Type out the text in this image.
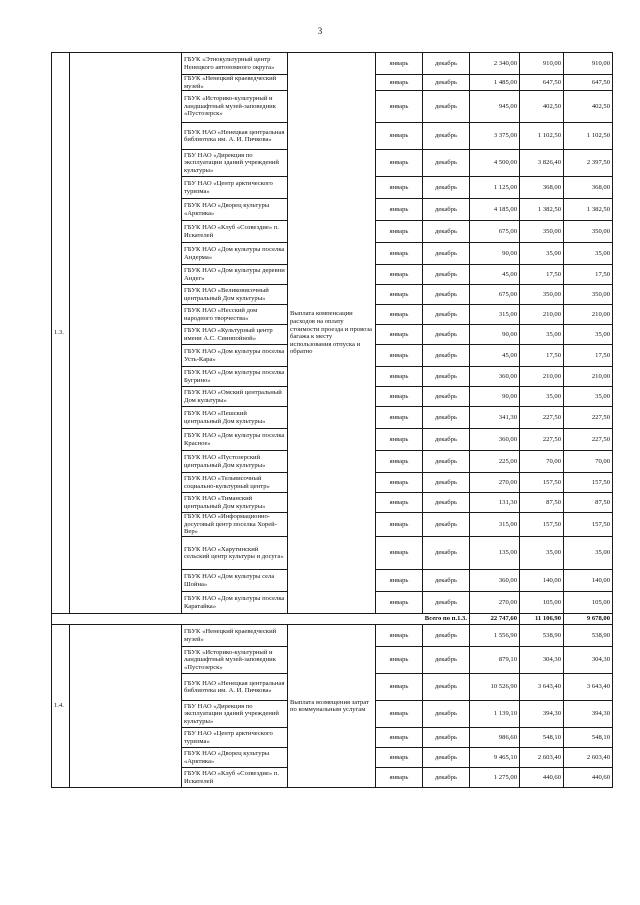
3
1.3.		ГБУК «Этнокультурный центр Ненецкого автономного округа»	Выплата компенсации расходов на оплату стоимости проезда и провоза багажа к месту использования отпуска и обратно	январь	декабрь	2 340,00	910,00	910,00
		ГБУК «Ненецкий краеведческий музей»		январь	декабрь	1 485,00	647,50	647,50
		ГБУК «Историко-культурный и ландшафтный музей-заповедник «Пустозерск»		январь	декабрь	945,00	402,50	402,50
		ГБУК НАО «Ненецкая центральная библиотека им. А. И. Пичкова»		январь	декабрь	3 375,00	1 102,50	1 102,50
		ГБУ НАО «Дирекция по эксплуатации зданий учреждений культуры»		январь	декабрь	4 500,00	3 826,40	2 397,50
		ГБУ НАО «Центр арктического туризма»		январь	декабрь	1 125,00	368,00	368,00
		ГБУК НАО «Дворец культуры «Арктика»		январь	декабрь	4 185,00	1 382,50	1 382,50
		ГБУК НАО «Клуб «Созвездие» п. Искателей		январь	декабрь	675,00	350,00	350,00
		ГБУК НАО «Дом культуры поселка Андерма»		январь	декабрь	90,00	35,00	35,00
		ГБУК НАО «Дом культуры деревни Андег»		январь	декабрь	45,00	17,50	17,50
		ГБУК НАО «Великовисочный центральный Дом культуры»		январь	декабрь	675,00	350,00	350,00
		ГБУК НАО «Несский дом народного творчества»		январь	декабрь	315,00	210,00	210,00
		ГБУК НАО «Культурный центр имени А.С. Свинпойной»		январь	декабрь	90,00	35,00	35,00
		ГБУК НАО «Дом культуры поселка Усть-Кара»		январь	декабрь	45,00	17,50	17,50
		ГБУК НАО «Дом культуры поселка Бугрино»		январь	декабрь	360,00	210,00	210,00
		ГБУК НАО «Омский центральный Дом культуры»		январь	декабрь	90,00	35,00	35,00
		ГБУК НАО «Пешский центральный Дом культуры»		январь	декабрь	341,30	227,50	227,50
		ГБУК НАО «Дом культуры поселка Красное»		январь	декабрь	360,00	227,50	227,50
		ГБУК НАО «Пустозерский центральный Дом культуры»		январь	декабрь	225,00	70,00	70,00
		ГБУК НАО «Тельвисочный социально-культурный центр»		январь	декабрь	270,00	157,50	157,50
		ГБУК НАО «Тиманский центральный Дом культуры»		январь	декабрь	131,30	87,50	87,50
		ГБУК НАО «Информационно-досуговый центр поселка Хорей-Вер»		январь	декабрь	315,00	157,50	157,50
		ГБУК НАО «Харутинский сельский центр культуры и досуга»		январь	декабрь	135,00	35,00	35,00
		ГБУК НАО «Дом культуры села Шойна»		январь	декабрь	360,00	140,00	140,00
		ГБУК НАО «Дом культуры поселка Каратайка»		январь	декабрь	270,00	105,00	105,00
Всего по п.1.3.						22 747,60	11 106,90	9 678,00
1.4.		ГБУК «Ненецкий краеведческий музей»	Выплата возмещения затрат по коммунальным услугам	январь	декабрь	1 556,90	538,90	538,90
		ГБУК «Историко-культурный и ландшафтный музей-заповедник «Пустозерск»		январь	декабрь	879,10	304,30	304,30
		ГБУК НАО «Ненецкая центральная библиотека им. А. И. Пичкова»		январь	декабрь	10 526,90	3 643,40	3 643,40
		ГБУ НАО «Дирекция по эксплуатации зданий учреждений культуры»		январь	декабрь	1 139,10	394,30	394,30
		ГБУ НАО «Центр арктического туризма»		январь	декабрь	986,60	548,10	548,10
		ГБУК НАО «Дворец культуры «Арктика»		январь	декабрь	9 465,10	2 603,40	2 603,40
		ГБУК НАО «Клуб «Созвездие» п. Искателей		январь	декабрь	1 275,00	440,60	440,60
